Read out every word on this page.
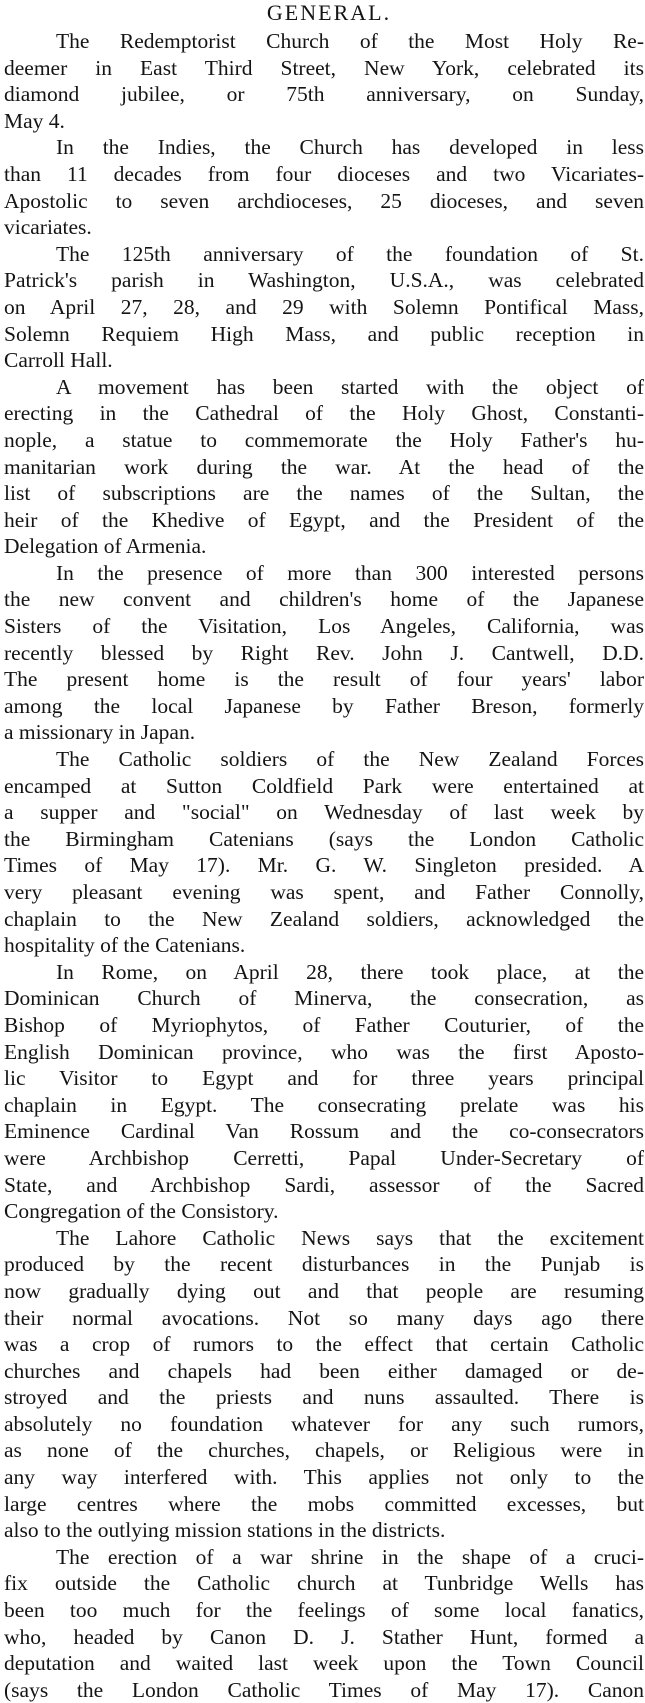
GENERAL.
The Redemptorist Church of the Most Holy Re-
deemer in East Third Street, New York, celebrated its
diamond jubilee, or 75th anniversary, on Sunday,
May 4.
In the Indies, the Church has developed in less
than 11 decades from four dioceses and two Vicariates-
Apostolic to seven archdioceses, 25 dioceses, and seven
vicariates.
The 125th anniversary of the foundation of St.
Patrick's parish in Washington, U.S.A., was celebrated
on April 27, 28, and 29 with Solemn Pontifical Mass,
Solemn Requiem High Mass, and public reception in
Carroll Hall.
A movement has been started with the object of
erecting in the Cathedral of the Holy Ghost, Constanti-
nople, a statue to commemorate the Holy Father's hu-
manitarian work during the war. At the head of the
list of subscriptions are the names of the Sultan, the
heir of the Khedive of Egypt, and the President of the
Delegation of Armenia.
In the presence of more than 300 interested persons
the new convent and children's home of the Japanese
Sisters of the Visitation, Los Angeles, California, was
recently blessed by Right Rev. John J. Cantwell, D.D.
The present home is the result of four years' labor
among the local Japanese by Father Breson, formerly
a missionary in Japan.
The Catholic soldiers of the New Zealand Forces
encamped at Sutton Coldfield Park were entertained at
a supper and "social" on Wednesday of last week by
the Birmingham Catenians (says the London Catholic
Times of May 17). Mr. G. W. Singleton presided. A
very pleasant evening was spent, and Father Connolly,
chaplain to the New Zealand soldiers, acknowledged the
hospitality of the Catenians.
In Rome, on April 28, there took place, at the
Dominican Church of Minerva, the consecration, as
Bishop of Myriophytos, of Father Couturier, of the
English Dominican province, who was the first Aposto-
lic Visitor to Egypt and for three years principal
chaplain in Egypt. The consecrating prelate was his
Eminence Cardinal Van Rossum and the co-consecrators
were Archbishop Cerretti, Papal Under-Secretary of
State, and Archbishop Sardi, assessor of the Sacred
Congregation of the Consistory.
The Lahore Catholic News says that the excitement
produced by the recent disturbances in the Punjab is
now gradually dying out and that people are resuming
their normal avocations. Not so many days ago there
was a crop of rumors to the effect that certain Catholic
churches and chapels had been either damaged or de-
stroyed and the priests and nuns assaulted. There is
absolutely no foundation whatever for any such rumors,
as none of the churches, chapels, or Religious were in
any way interfered with. This applies not only to the
large centres where the mobs committed excesses, but
also to the outlying mission stations in the districts.
The erection of a war shrine in the shape of a cruci-
fix outside the Catholic church at Tunbridge Wells has
been too much for the feelings of some local fanatics,
who, headed by Canon D. J. Stather Hunt, formed a
deputation and waited last week upon the Town Council
(says the London Catholic Times of May 17). Canon
